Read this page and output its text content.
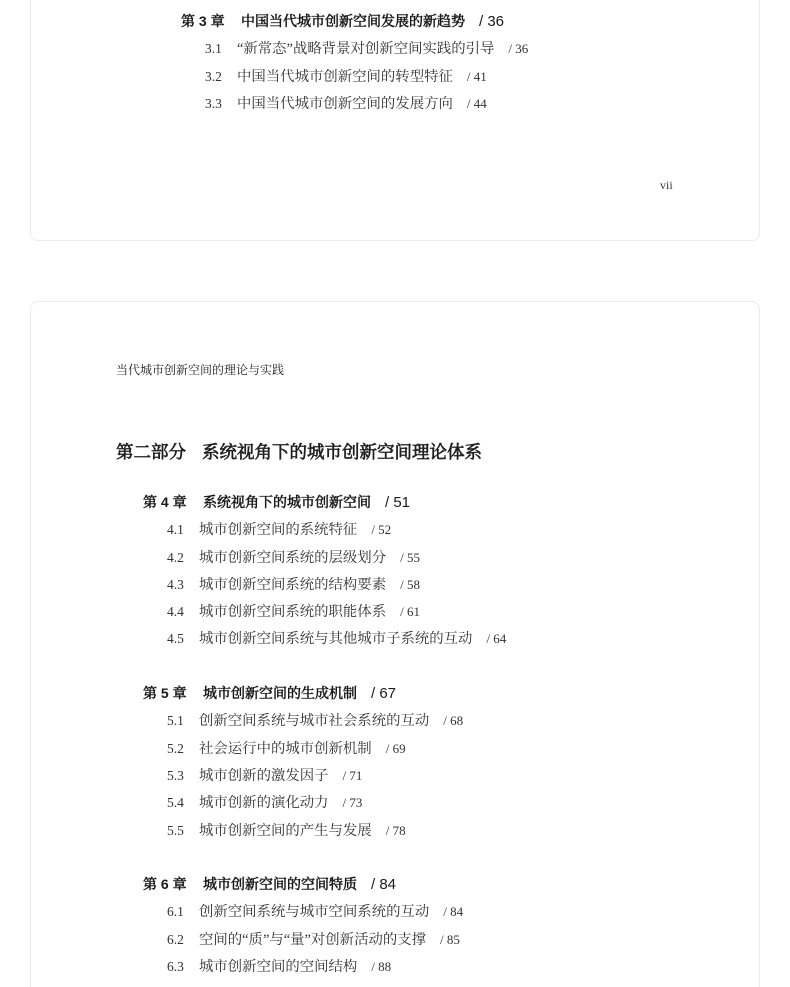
第 3 章 中国当代城市创新空间发展的新趋势 / 36
3.1 “新常态”战略背景对创新空间实践的引导 / 36
3.2 中国当代城市创新空间的转型特征 / 41
3.3 中国当代城市创新空间的发展方向 / 44
vii
当代城市创新空间的理论与实践
第二部分 系统视角下的城市创新空间理论体系
第 4 章 系统视角下的城市创新空间 / 51
4.1 城市创新空间的系统特征 / 52
4.2 城市创新空间系统的层级划分 / 55
4.3 城市创新空间系统的结构要素 / 58
4.4 城市创新空间系统的职能体系 / 61
4.5 城市创新空间系统与其他城市子系统的互动 / 64
第 5 章 城市创新空间的生成机制 / 67
5.1 创新空间系统与城市社会系统的互动 / 68
5.2 社会运行中的城市创新机制 / 69
5.3 城市创新的激发因子 / 71
5.4 城市创新的演化动力 / 73
5.5 城市创新空间的产生与发展 / 78
第 6 章 城市创新空间的空间特质 / 84
6.1 创新空间系统与城市空间系统的互动 / 84
6.2 空间的“质”与“量”对创新活动的支撑 / 85
6.3 城市创新空间的空间结构 / 88
